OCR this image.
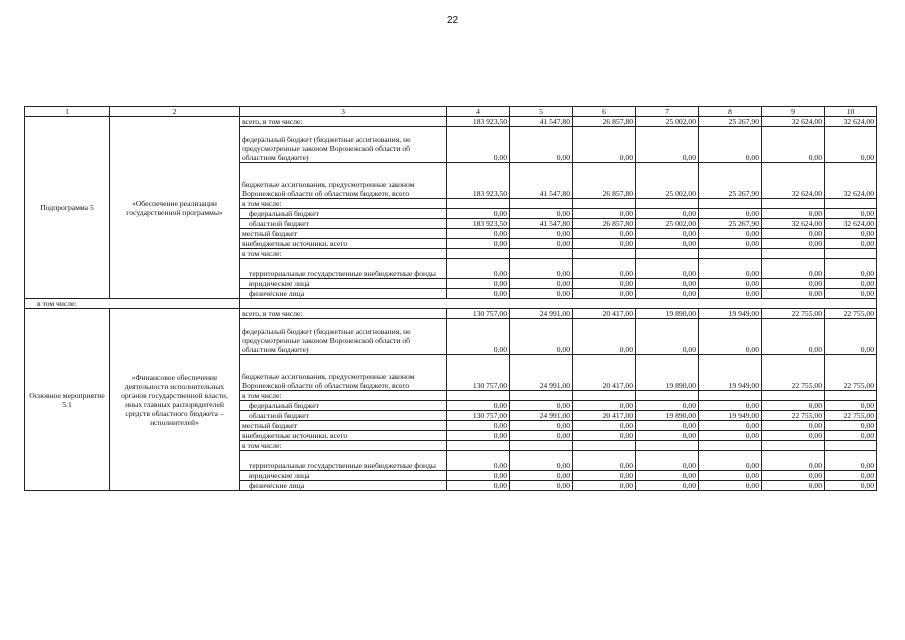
22
1	2	3	4	5	6	7	8	9	10
Подпрограмма 5	«Обеспечение реализации государственной программы»	всего, в том числе:	183 923,50	41 547,80	26 857,80	25 002,00	25 267,90	32 624,00	32 624,00
		федеральный бюджет (бюджетные ассигнования, не предусмотренные законом Воронежской области об областном бюджете)	0,00	0,00	0,00	0,00	0,00	0,00	0,00
		бюджетные ассигнования, предусмотренные законом Воронежской области об областном бюджете, всего	183 923,50	41 547,80	26 857,80	25 002,00	25 267,90	32 624,00	32 624,00
		в том числе:							
		федеральный бюджет	0,00	0,00	0,00	0,00	0,00	0,00	0,00
		областной бюджет	183 923,50	41 547,80	26 857,80	25 002,00	25 267,90	32 624,00	32 624,00
		местный бюджет	0,00	0,00	0,00	0,00	0,00	0,00	0,00
		внебюджетные источники, всего	0,00	0,00	0,00	0,00	0,00	0,00	0,00
		в том числе:							
		территориальные государственные внебюджетные фонды	0,00	0,00	0,00	0,00	0,00	0,00	0,00
		юридические лица	0,00	0,00	0,00	0,00	0,00	0,00	0,00
		физические лица	0,00	0,00	0,00	0,00	0,00	0,00	0,00
в том числе:									
Основное мероприятие 5.1	«Финансовое обеспечение деятельности исполнительных органов государственной власти, иных главных распорядителей средств областного бюджета – исполнителей»	всего, в том числе:	130 757,00	24 991,00	20 417,00	19 890,00	19 949,00	22 755,00	22 755,00
		федеральный бюджет (бюджетные ассигнования, не предусмотренные законом Воронежской области об областном бюджете)	0,00	0,00	0,00	0,00	0,00	0,00	0,00
		бюджетные ассигнования, предусмотренные законом Воронежской области об областном бюджете, всего	130 757,00	24 991,00	20 417,00	19 890,00	19 949,00	22 755,00	22 755,00
		в том числе:							
		федеральный бюджет	0,00	0,00	0,00	0,00	0,00	0,00	0,00
		областной бюджет	130 757,00	24 991,00	20 417,00	19 890,00	19 949,00	22 755,00	22 755,00
		местный бюджет	0,00	0,00	0,00	0,00	0,00	0,00	0,00
		внебюджетные источники, всего	0,00	0,00	0,00	0,00	0,00	0,00	0,00
		в том числе:							
		территориальные государственные внебюджетные фонды	0,00	0,00	0,00	0,00	0,00	0,00	0,00
		юридические лица	0,00	0,00	0,00	0,00	0,00	0,00	0,00
		физические лица	0,00	0,00	0,00	0,00	0,00	0,00	0,00
